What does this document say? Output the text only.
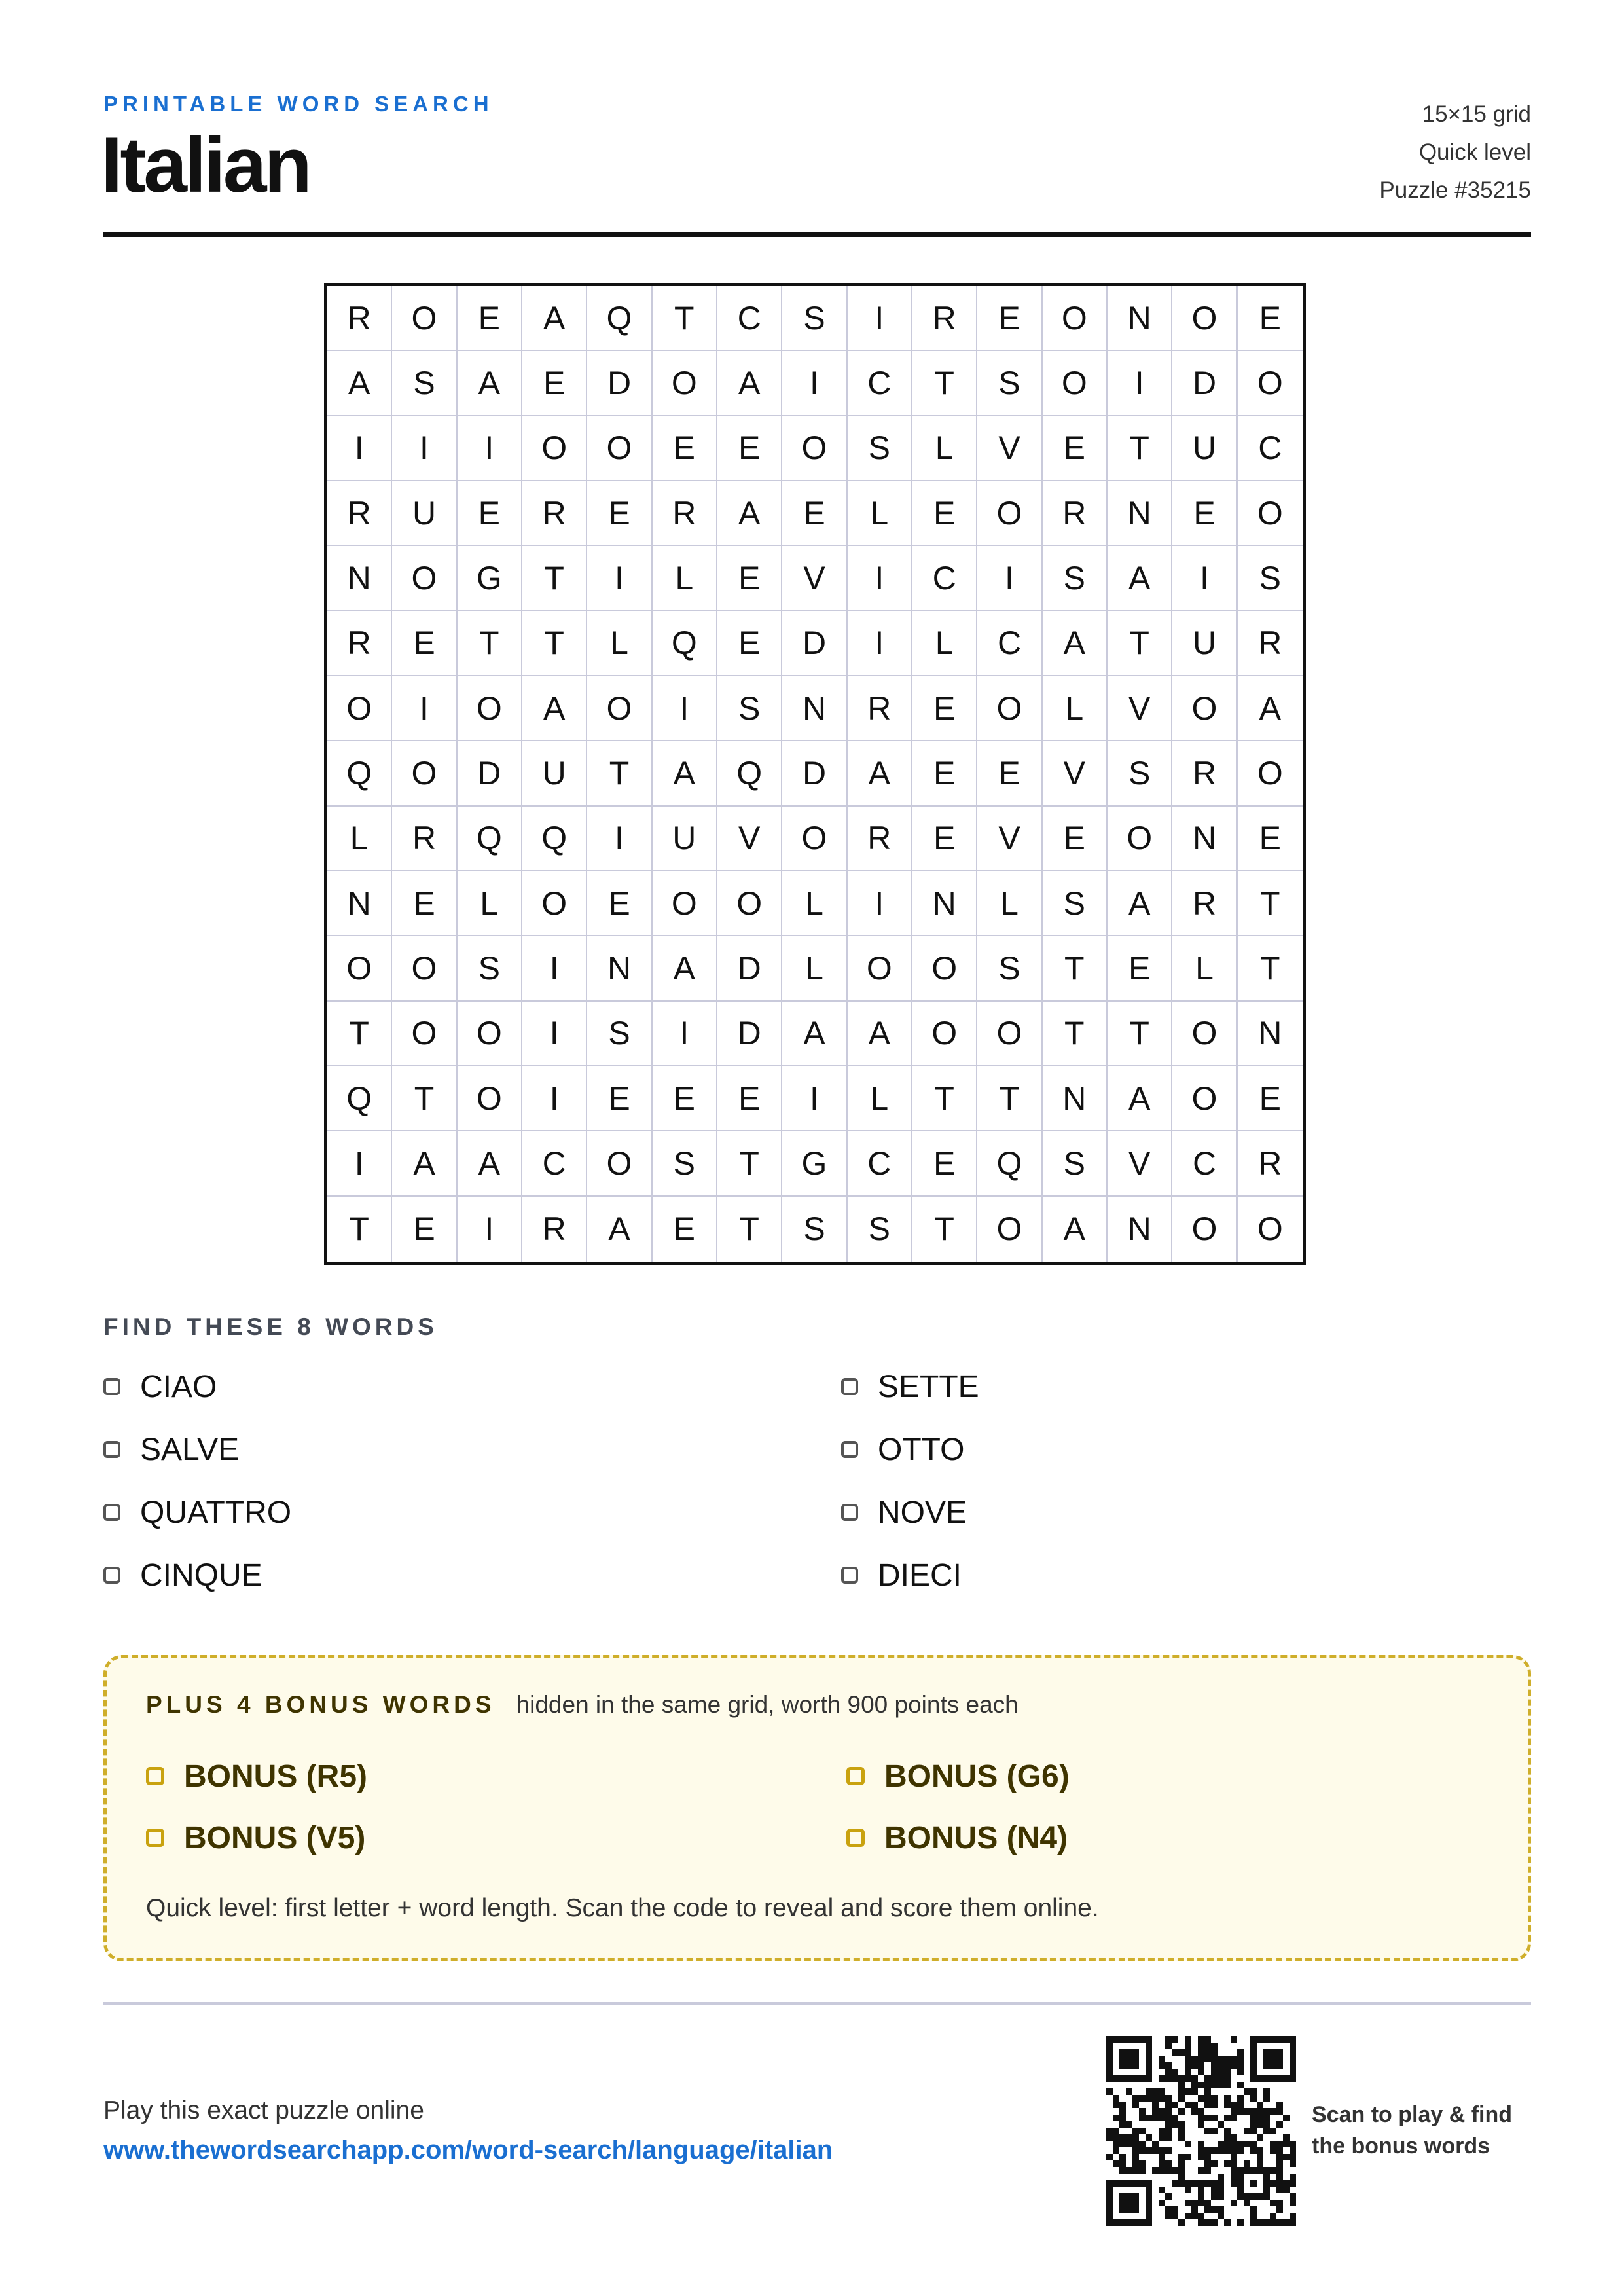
PRINTABLE WORD SEARCH
Italian
15×15 grid
Quick level
Puzzle #35215
R	O	E	A	Q	T	C	S	I	R	E	O	N	O	E
A	S	A	E	D	O	A	I	C	T	S	O	I	D	O
I	I	I	O	O	E	E	O	S	L	V	E	T	U	C
R	U	E	R	E	R	A	E	L	E	O	R	N	E	O
N	O	G	T	I	L	E	V	I	C	I	S	A	I	S
R	E	T	T	L	Q	E	D	I	L	C	A	T	U	R
O	I	O	A	O	I	S	N	R	E	O	L	V	O	A
Q	O	D	U	T	A	Q	D	A	E	E	V	S	R	O
L	R	Q	Q	I	U	V	O	R	E	V	E	O	N	E
N	E	L	O	E	O	O	L	I	N	L	S	A	R	T
O	O	S	I	N	A	D	L	O	O	S	T	E	L	T
T	O	O	I	S	I	D	A	A	O	O	T	T	O	N
Q	T	O	I	E	E	E	I	L	T	T	N	A	O	E
I	A	A	C	O	S	T	G	C	E	Q	S	V	C	R
T	E	I	R	A	E	T	S	S	T	O	A	N	O	O
FIND THESE 8 WORDS
CIAO
SALVE
QUATTRO
CINQUE
SETTE
OTTO
NOVE
DIECI
PLUS 4 BONUS WORDS hidden in the same grid, worth 900 points each
BONUS (R5)
BONUS (V5)
BONUS (G6)
BONUS (N4)
Quick level: first letter + word length. Scan the code to reveal and score them online.
Play this exact puzzle online
www.thewordsearchapp.com/word-search/language/italian
Scan to play & find
the bonus words
